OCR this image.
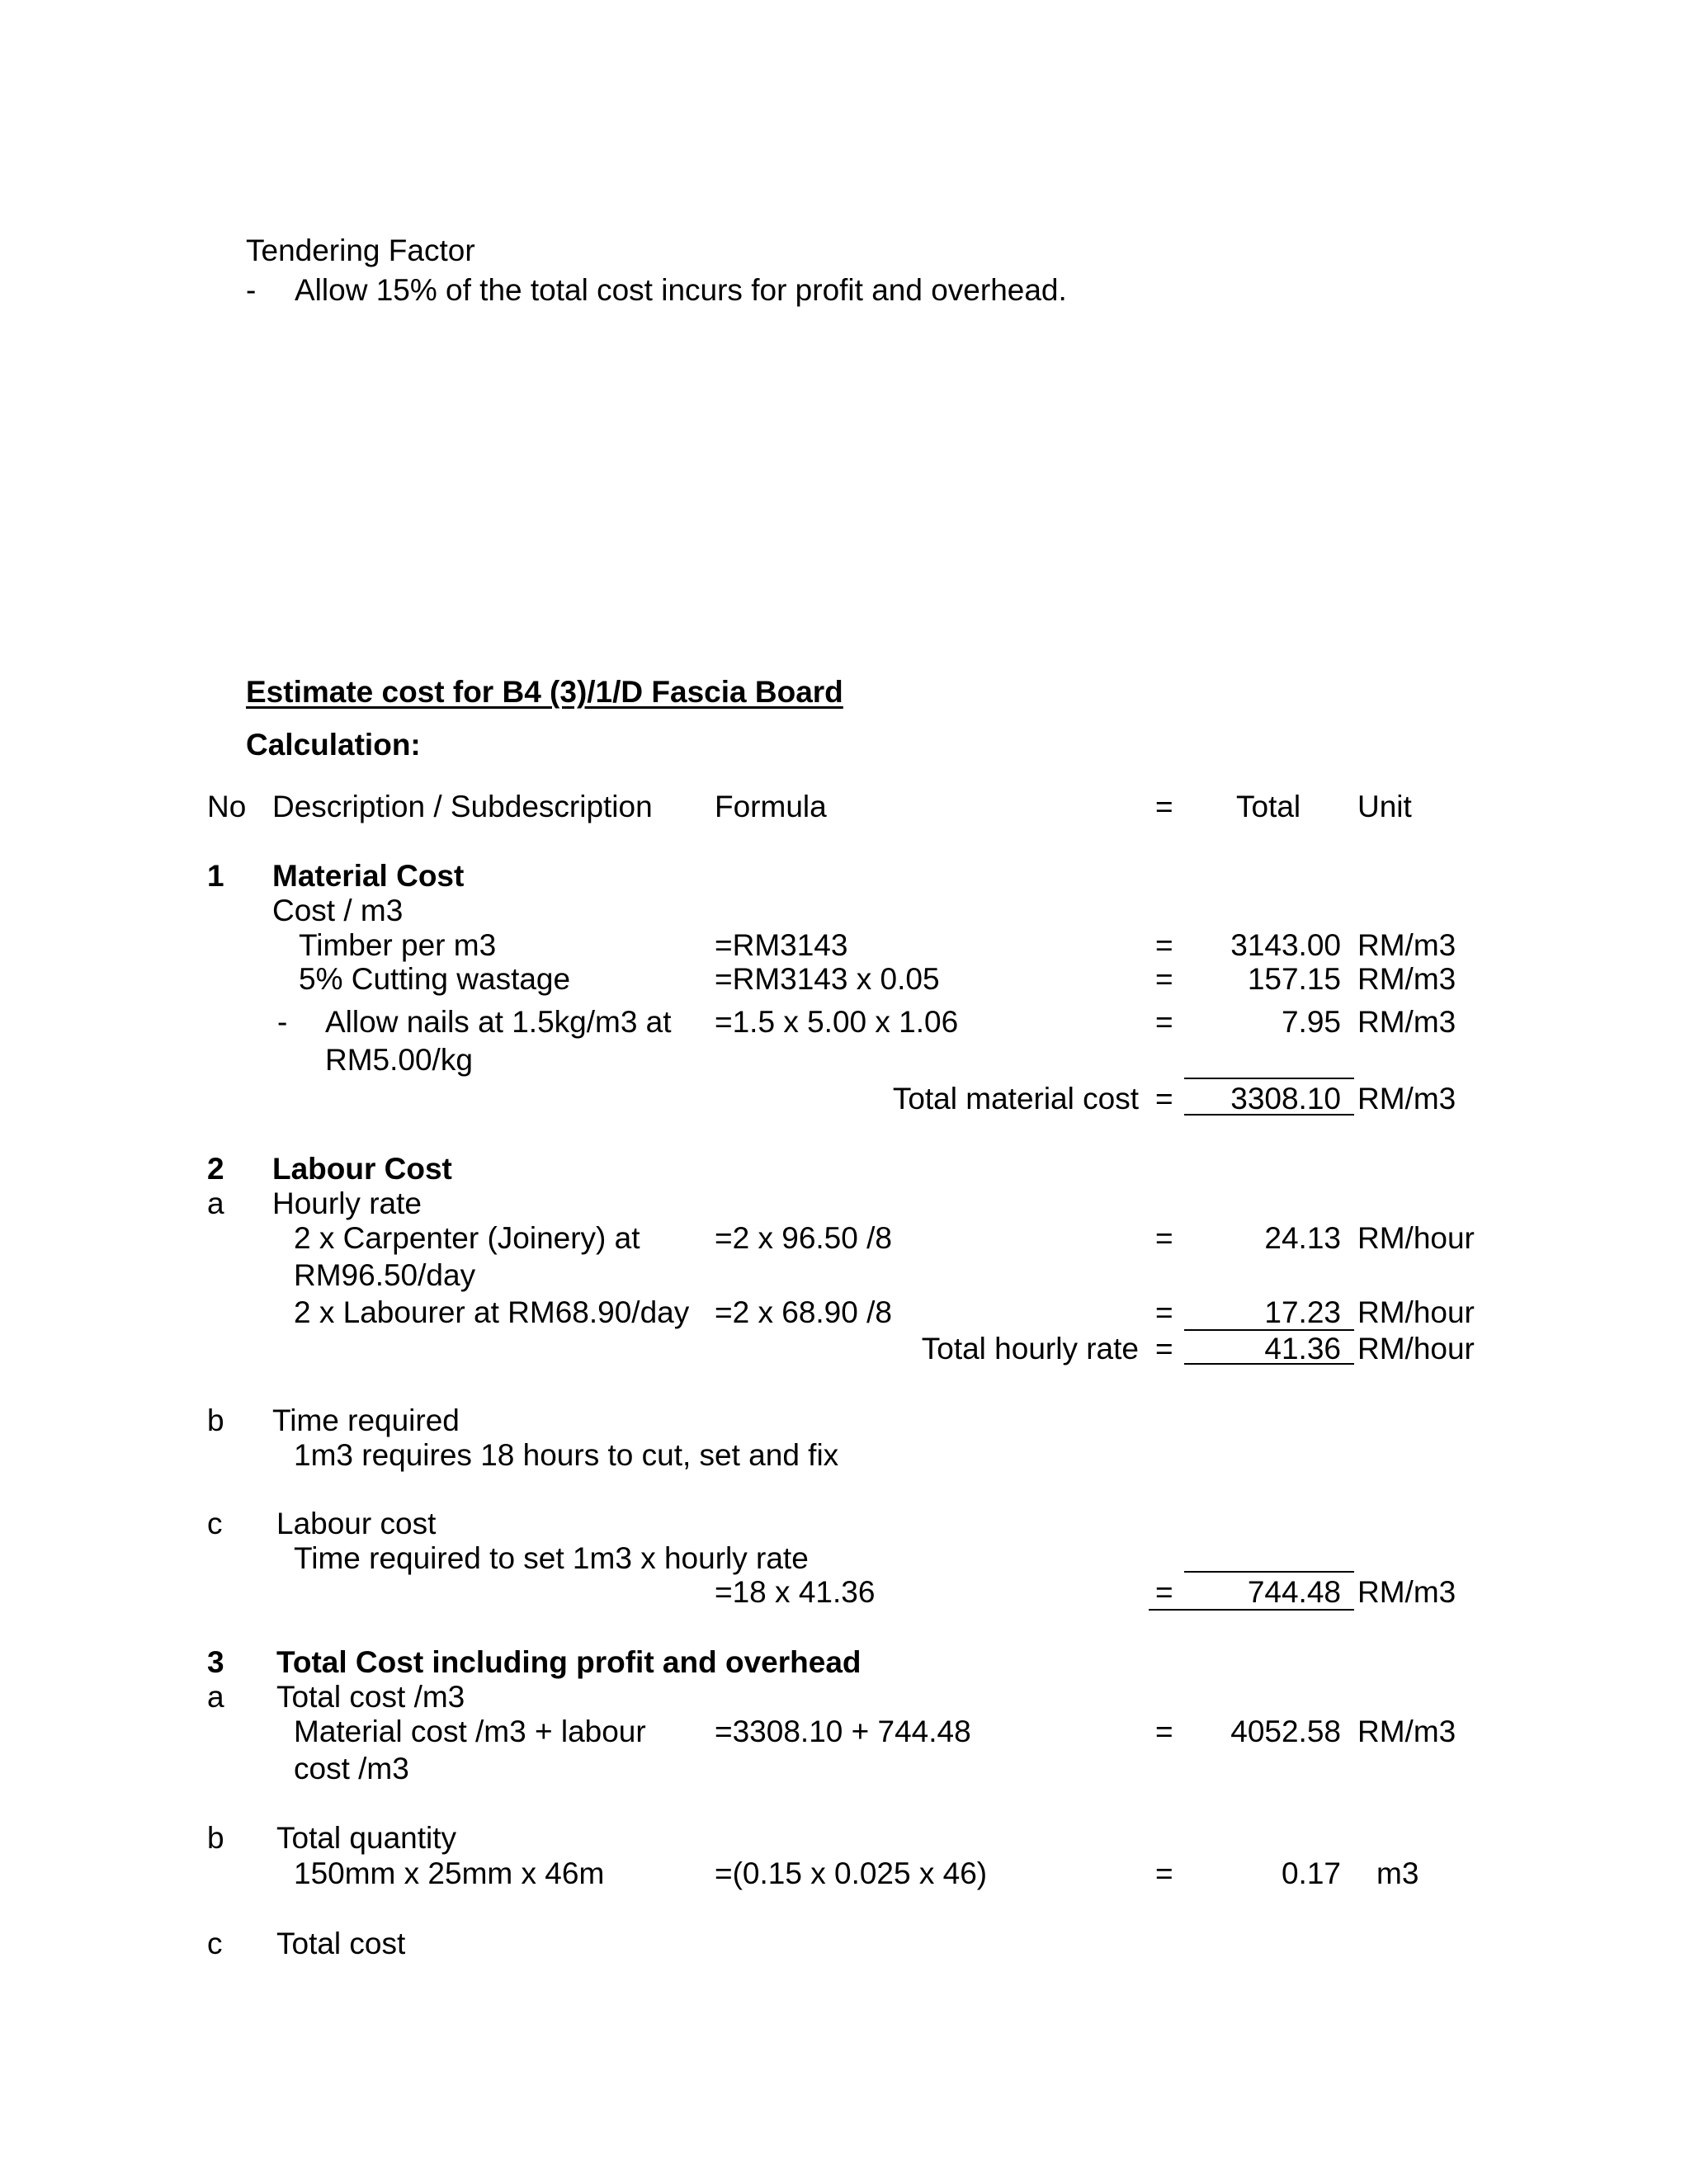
Tendering Factor
- Allow 15% of the total cost incurs for profit and overhead.
Estimate cost for B4 (3)/1/D Fascia Board
Calculation:
No Description / Subdescription Formula	= Total Unit
1 Material Cost
Cost / m3
Timber per m3	=RM3143	=	3143.00 RM/m3
5% Cutting wastage	=RM3143 x 0.05	=	157.15 RM/m3
- Allow nails at 1.5kg/m3 at
RM5.00/kg
=1.5 x 5.00 x 1.06	=	7.95 RM/m3
Total material cost =	3308.10 RM/m3
2 Labour Cost
a Hourly rate
2 x Carpenter (Joinery) at
RM96.50/day
=2 x 96.50 /8	=	24.13 RM/hour
2 x Labourer at RM68.90/day =2 x 68.90 /8	=	17.23 RM/hour
Total hourly rate =	41.36 RM/hour
b Time required
1m3 requires 18 hours to cut, set and fix
c Labour cost
Time required to set 1m3 x hourly rate
=18 x 41.36	=	744.48 RM/m3
3 Total Cost including profit and overhead
a Total cost /m3
Material cost /m3 + labour
cost /m3
=3308.10 + 744.48	=	4052.58 RM/m3
b Total quantity
150mm x 25mm x 46m	=(0.15 x 0.025 x 46)	=	0.17 m3
c Total cost
